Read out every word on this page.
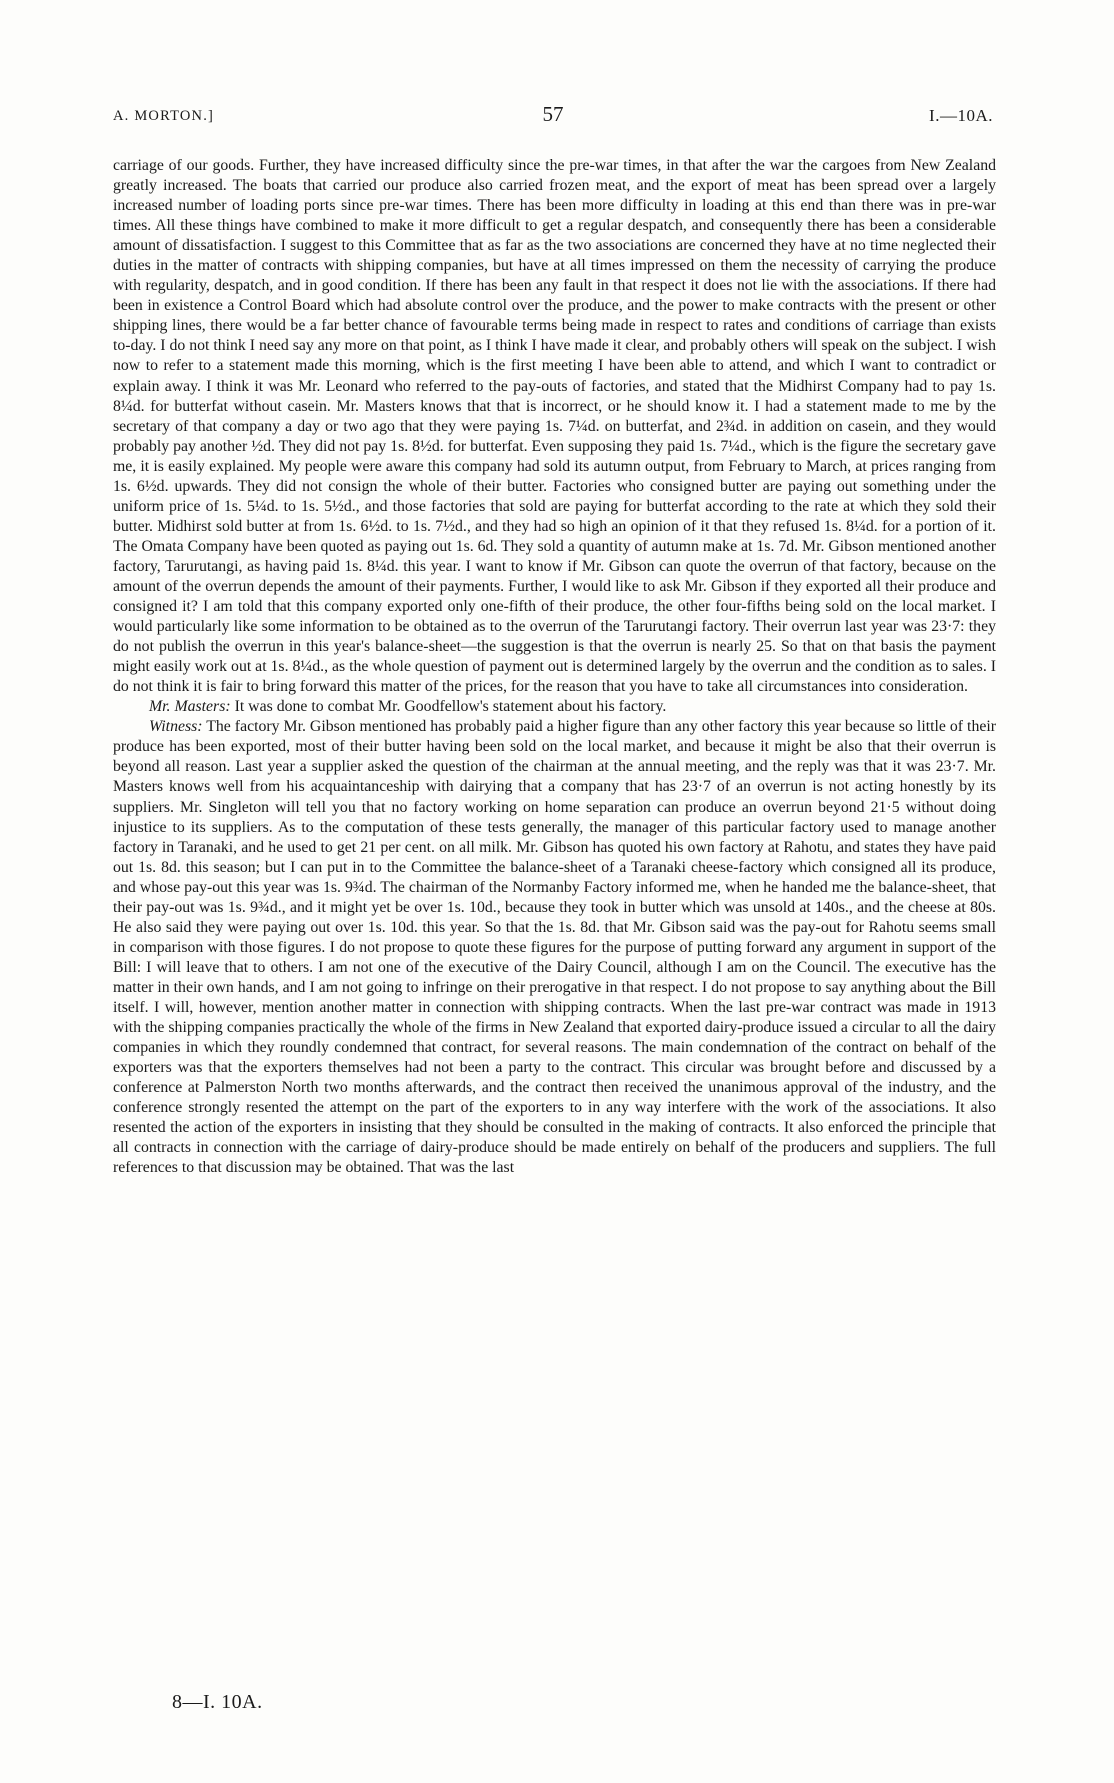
A. MORTON.]	57	I.—10A.

carriage of our goods. Further, they have increased difficulty since the pre-war times, in that after the war the cargoes from New Zealand greatly increased. The boats that carried our produce also carried frozen meat, and the export of meat has been spread over a largely increased number of loading ports since pre-war times. There has been more difficulty in loading at this end than there was in pre-war times. All these things have combined to make it more difficult to get a regular despatch, and consequently there has been a considerable amount of dissatisfaction. I suggest to this Committee that as far as the two associations are concerned they have at no time neglected their duties in the matter of contracts with shipping companies, but have at all times impressed on them the necessity of carrying the produce with regularity, despatch, and in good condition. If there has been any fault in that respect it does not lie with the associations. If there had been in existence a Control Board which had absolute control over the produce, and the power to make contracts with the present or other shipping lines, there would be a far better chance of favourable terms being made in respect to rates and conditions of carriage than exists to-day. I do not think I need say any more on that point, as I think I have made it clear, and probably others will speak on the subject. I wish now to refer to a statement made this morning, which is the first meeting I have been able to attend, and which I want to contradict or explain away. I think it was Mr. Leonard who referred to the pay-outs of factories, and stated that the Midhirst Company had to pay 1s. 8¼d. for butterfat without casein. Mr. Masters knows that that is incorrect, or he should know it. I had a statement made to me by the secretary of that company a day or two ago that they were paying 1s. 7¼d. on butterfat, and 2¾d. in addition on casein, and they would probably pay another ½d. They did not pay 1s. 8½d. for butterfat. Even supposing they paid 1s. 7¼d., which is the figure the secretary gave me, it is easily explained. My people were aware this company had sold its autumn output, from February to March, at prices ranging from 1s. 6½d. upwards. They did not consign the whole of their butter. Factories who consigned butter are paying out something under the uniform price of 1s. 5¼d. to 1s. 5½d., and those factories that sold are paying for butterfat according to the rate at which they sold their butter. Midhirst sold butter at from 1s. 6½d. to 1s. 7½d., and they had so high an opinion of it that they refused 1s. 8¼d. for a portion of it. The Omata Company have been quoted as paying out 1s. 6d. They sold a quantity of autumn make at 1s. 7d. Mr. Gibson mentioned another factory, Tarurutangi, as having paid 1s. 8¼d. this year. I want to know if Mr. Gibson can quote the overrun of that factory, because on the amount of the overrun depends the amount of their payments. Further, I would like to ask Mr. Gibson if they exported all their produce and consigned it? I am told that this company exported only one-fifth of their produce, the other four-fifths being sold on the local market. I would particularly like some information to be obtained as to the overrun of the Tarurutangi factory. Their overrun last year was 23·7: they do not publish the overrun in this year's balance-sheet—the suggestion is that the overrun is nearly 25. So that on that basis the payment might easily work out at 1s. 8¼d., as the whole question of payment out is determined largely by the overrun and the condition as to sales. I do not think it is fair to bring forward this matter of the prices, for the reason that you have to take all circumstances into consideration.

Mr. Masters: It was done to combat Mr. Goodfellow's statement about his factory.

Witness: The factory Mr. Gibson mentioned has probably paid a higher figure than any other factory this year because so little of their produce has been exported, most of their butter having been sold on the local market, and because it might be also that their overrun is beyond all reason. Last year a supplier asked the question of the chairman at the annual meeting, and the reply was that it was 23·7. Mr. Masters knows well from his acquaintanceship with dairying that a company that has 23·7 of an overrun is not acting honestly by its suppliers. Mr. Singleton will tell you that no factory working on home separation can produce an overrun beyond 21·5 without doing injustice to its suppliers. As to the computation of these tests generally, the manager of this particular factory used to manage another factory in Taranaki, and he used to get 21 per cent. on all milk. Mr. Gibson has quoted his own factory at Rahotu, and states they have paid out 1s. 8d. this season; but I can put in to the Committee the balance-sheet of a Taranaki cheese-factory which consigned all its produce, and whose pay-out this year was 1s. 9¾d. The chairman of the Normanby Factory informed me, when he handed me the balance-sheet, that their pay-out was 1s. 9¾d., and it might yet be over 1s. 10d., because they took in butter which was unsold at 140s., and the cheese at 80s. He also said they were paying out over 1s. 10d. this year. So that the 1s. 8d. that Mr. Gibson said was the pay-out for Rahotu seems small in comparison with those figures. I do not propose to quote these figures for the purpose of putting forward any argument in support of the Bill: I will leave that to others. I am not one of the executive of the Dairy Council, although I am on the Council. The executive has the matter in their own hands, and I am not going to infringe on their prerogative in that respect. I do not propose to say anything about the Bill itself. I will, however, mention another matter in connection with shipping contracts. When the last pre-war contract was made in 1913 with the shipping companies practically the whole of the firms in New Zealand that exported dairy-produce issued a circular to all the dairy companies in which they roundly condemned that contract, for several reasons. The main condemnation of the contract on behalf of the exporters was that the exporters themselves had not been a party to the contract. This circular was brought before and discussed by a conference at Palmerston North two months afterwards, and the contract then received the unanimous approval of the industry, and the conference strongly resented the attempt on the part of the exporters to in any way interfere with the work of the associations. It also resented the action of the exporters in insisting that they should be consulted in the making of contracts. It also enforced the principle that all contracts in connection with the carriage of dairy-produce should be made entirely on behalf of the producers and suppliers. The full references to that discussion may be obtained. That was the last

8—I. 10A.
